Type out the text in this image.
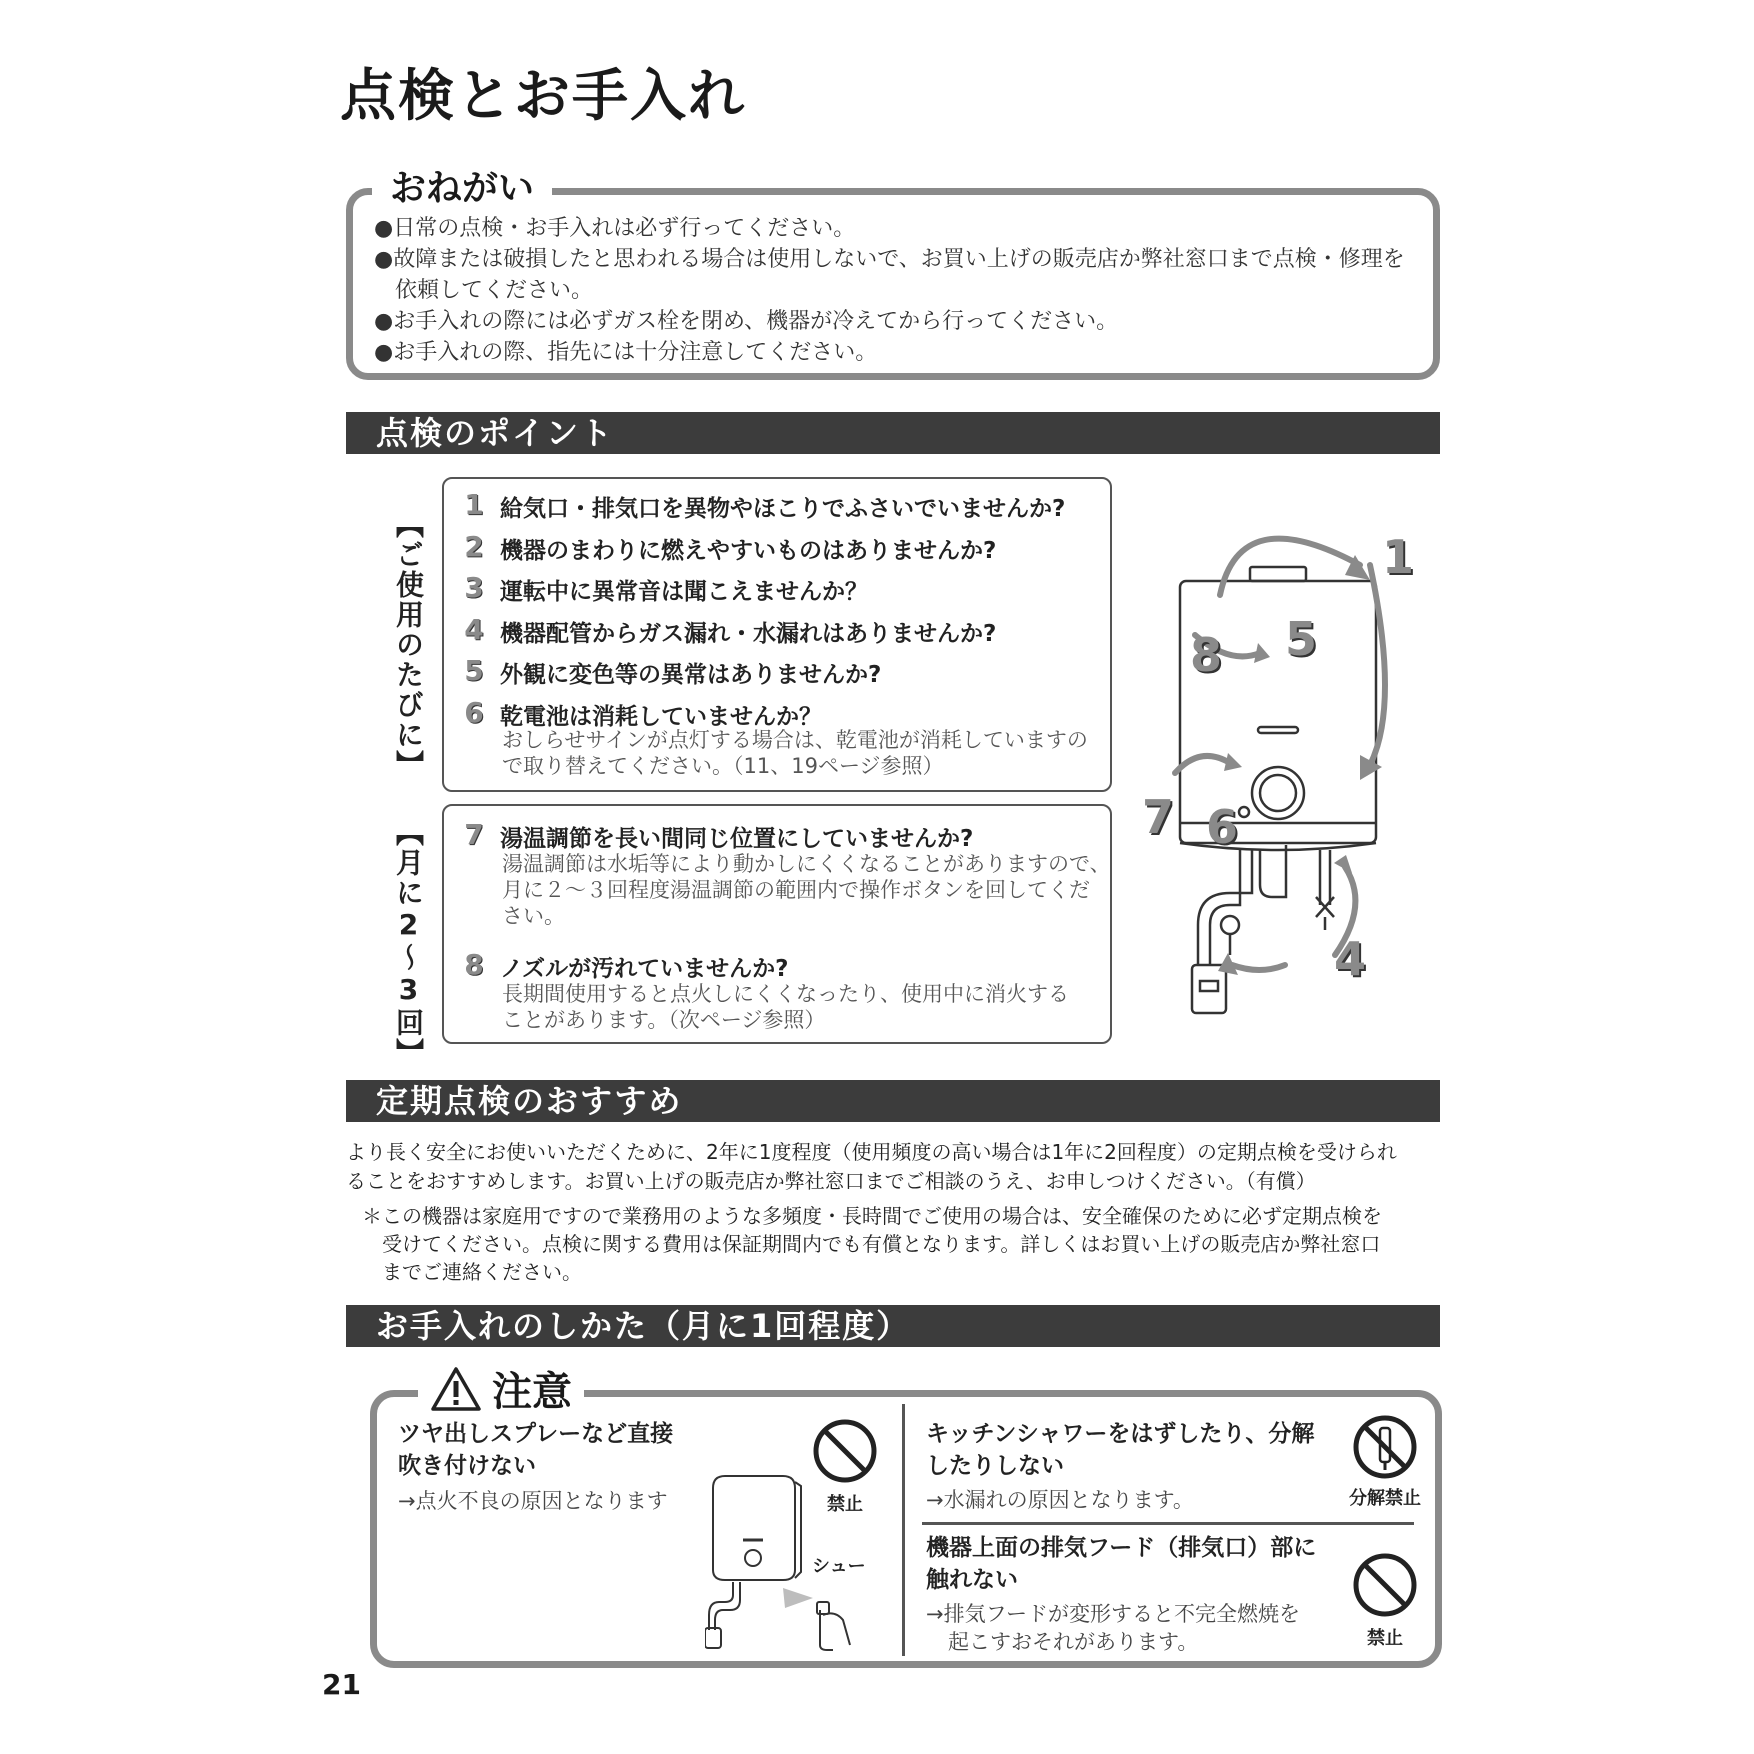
点検とお手入れ
おねがい
●日常の点検・お手入れは必ず行ってください。
●故障または破損したと思われる場合は使用しないで、お買い上げの販売店か弊社窓口まで点検・修理を
依頼してください。
●お手入れの際には必ずガス栓を閉め、機器が冷えてから行ってください。
●お手入れの際、指先には十分注意してください。
点検のポイント
【ご使用のたびに】
【月に2〜3回】
1 給気口・排気口を異物やほこりでふさいでいませんか?
2 機器のまわりに燃えやすいものはありませんか?
3 運転中に異常音は聞こえませんか？
4 機器配管からガス漏れ・水漏れはありませんか?
5 外観に変色等の異常はありませんか?
6 乾電池は消耗していませんか？
おしらせサインが点灯する場合は、乾電池が消耗していますの
で取り替えてください。（11、19ページ参照）
7 湯温調節を長い間同じ位置にしていませんか?
湯温調節は水垢等により動かしにくくなることがありますので、
月に２〜３回程度湯温調節の範囲内で操作ボタンを回してくだ
さい。
8 ノズルが汚れていませんか?
長期間使用すると点火しにくくなったり、使用中に消火する
ことがあります。（次ページ参照）
1
5
8
7 6
4
定期点検のおすすめ
より長く安全にお使いいただくために、2年に1度程度（使用頻度の高い場合は1年に2回程度）の定期点検を受けられ
ることをおすすめします。お買い上げの販売店か弊社窓口までご相談のうえ、お申しつけください。（有償）
＊この機器は家庭用ですので業務用のような多頻度・長時間でご使用の場合は、安全確保のために必ず定期点検を
受けてください。点検に関する費用は保証期間内でも有償となります。詳しくはお買い上げの販売店か弊社窓口
までご連絡ください。
お手入れのしかた（月に1回程度）
注意
ツヤ出しスプレーなど直接
吹き付けない
→点火不良の原因となります	禁止
シュー
キッチンシャワーをはずしたり、分解
したりしない
→水漏れの原因となります。	分解禁止
機器上面の排気フード（排気口）部に
触れない
→排気フードが変形すると不完全燃焼を
起こすおそれがあります。	禁止
21
